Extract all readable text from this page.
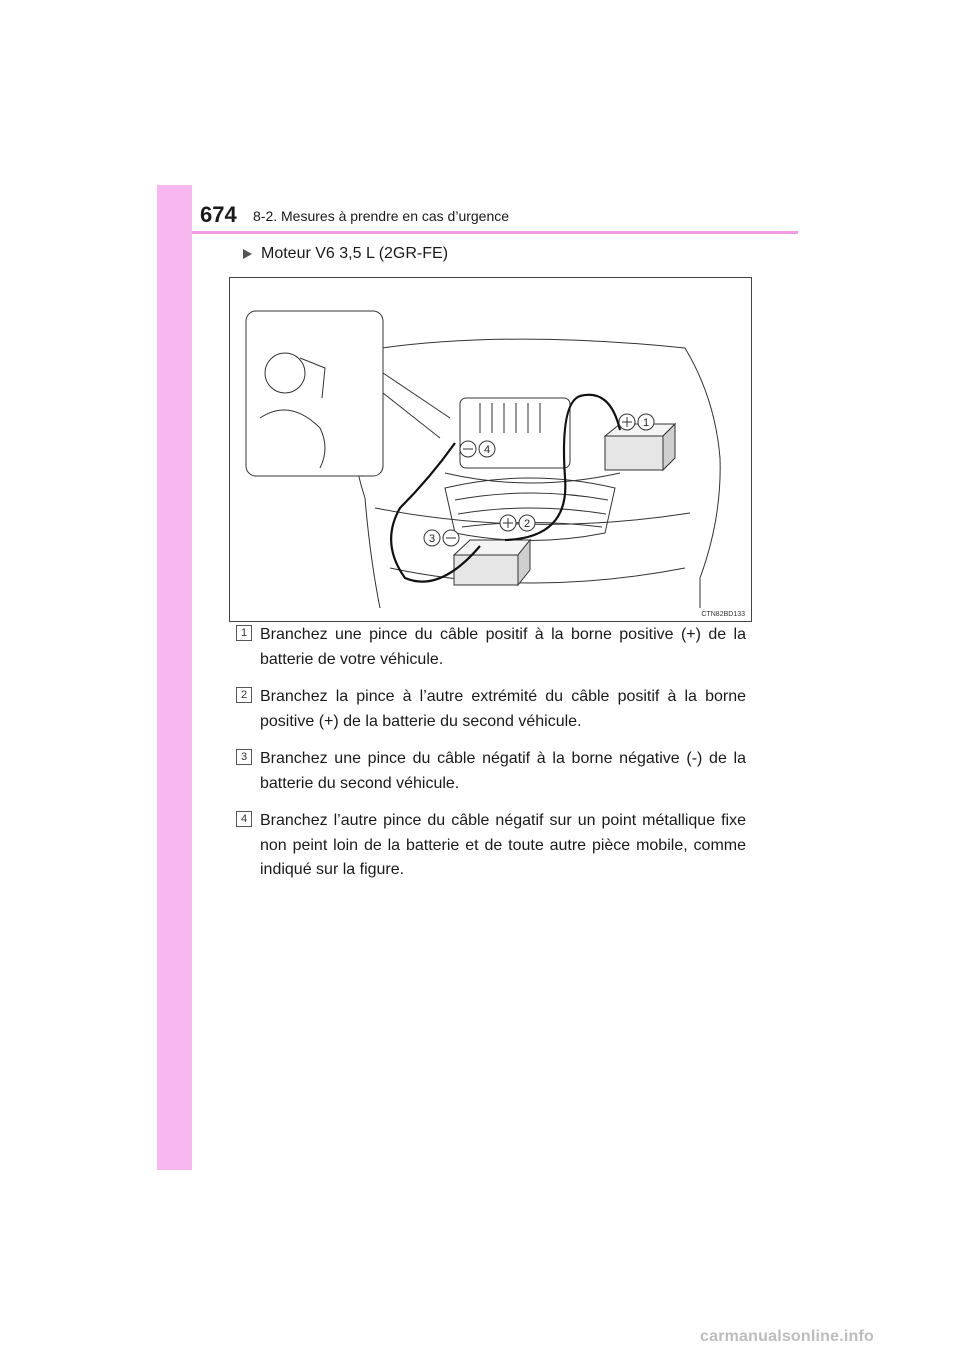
674 8-2. Mesures à prendre en cas d’urgence
Moteur V6 3,5 L (2GR-FE)
1
2
3
4
CTN82BD133
1 Branchez une pince du câble positif à la borne positive (+) de la batterie de votre véhicule.
2 Branchez la pince à l’autre extrémité du câble positif à la borne positive (+) de la batterie du second véhicule.
3 Branchez une pince du câble négatif à la borne négative (-) de la batterie du second véhicule.
4 Branchez l’autre pince du câble négatif sur un point métallique fixe non peint loin de la batterie et de toute autre pièce mobile, comme indiqué sur la figure.
carmanualsonline.info
